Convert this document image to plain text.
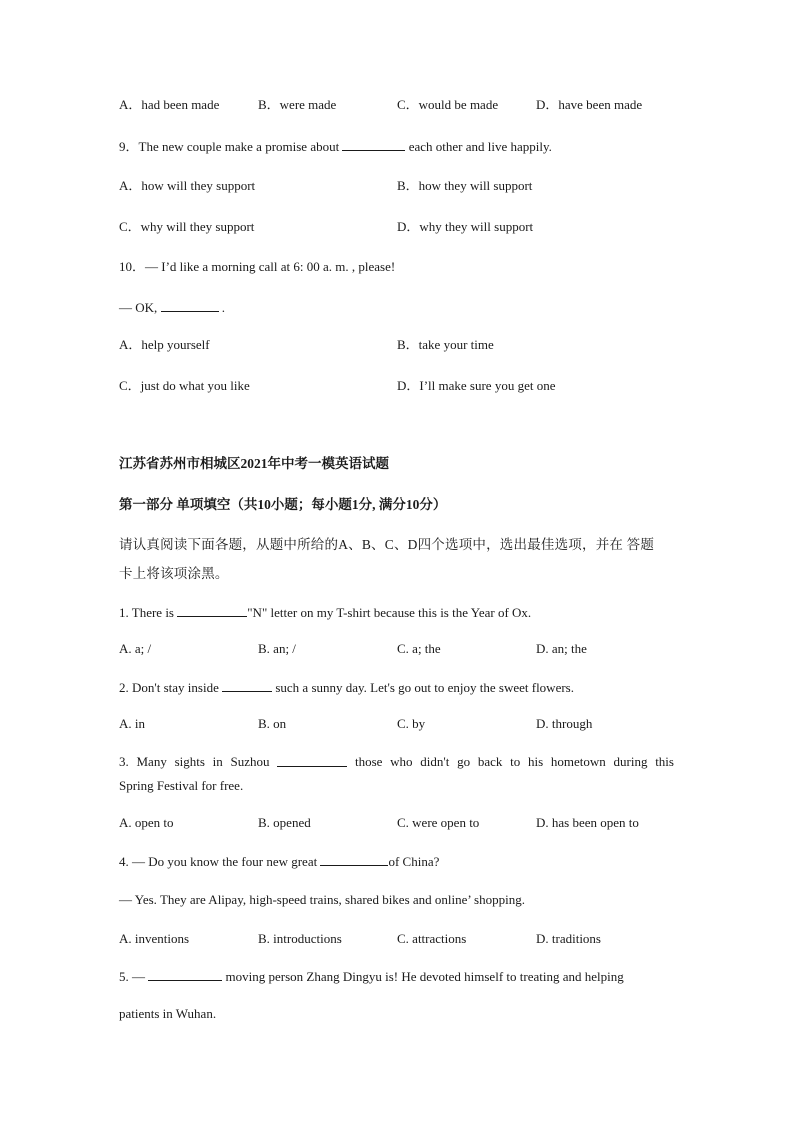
A．had been made	B．were made	C．would be made	D．have been made
9．The new couple make a promise about	each other and live happily.
A．how will they support	B．how they will support
C．why will they support	D．why they will support
10．— I’d like a morning call at 6: 00 a. m. , please!
— OK,	.
A．help yourself	B．take your time
C．just do what you like	D．I’ll make sure you get one
江苏省苏州市相城区2021年中考一模英语试题
第一部分 单项填空（共10小题；每小题1分, 满分10分）
请认真阅读下面各题，从题中所给的A、B、C、D四个选项中，选出最佳选项，并在 答题
卡上将该项涂黑。
1. There is	"N" letter on my T-shirt because this is the Year of Ox.
A. a; /	B. an; /	C. a; the	D. an; the
2. Don't stay inside	such a sunny day. Let's go out to enjoy the sweet flowers.
A. in	B. on	C. by	D. through
3. Many sights in Suzhou	those who didn't go back to his hometown during this
Spring Festival for free.
A. open to	B. opened	C. were open to	D. has been open to
4. — Do you know the four new great	of China?
— Yes. They are Alipay, high-speed trains, shared bikes and online’ shopping.
A. inventions	B. introductions	C. attractions	D. traditions
5. —	moving person Zhang Dingyu is! He devoted himself to treating and helping
patients in Wuhan.
